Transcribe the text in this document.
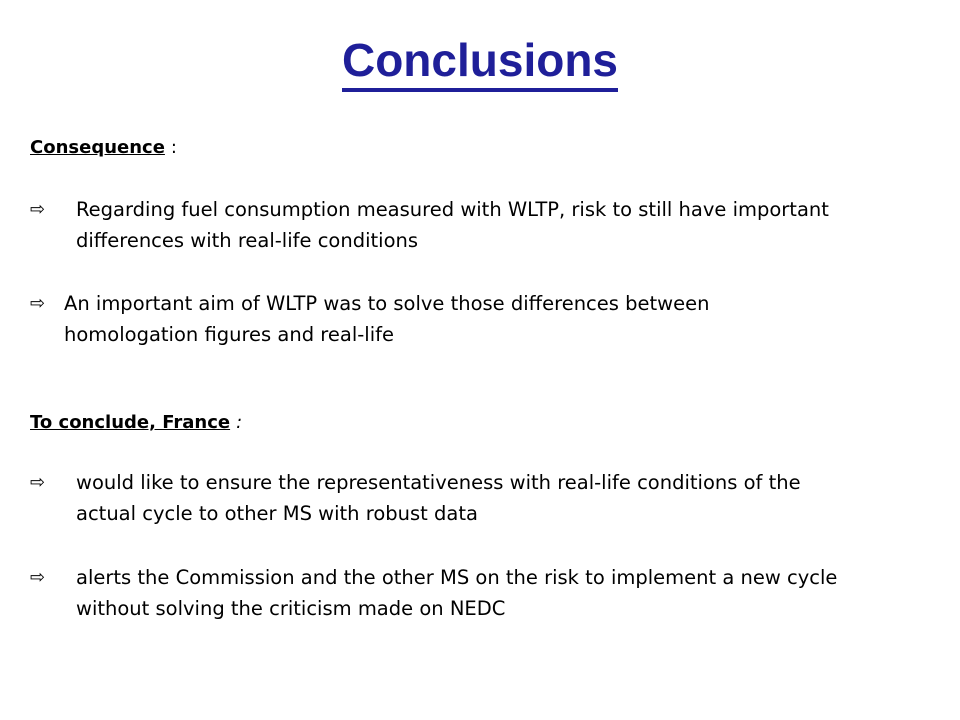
Conclusions
Consequence :
⇨ Regarding fuel consumption measured with WLTP, risk to still have important
differences with real-life conditions
⇨ An important aim of WLTP was to solve those differences between
homologation figures and real-life
To conclude, France :
⇨ would like to ensure the representativeness with real-life conditions of the
actual cycle to other MS with robust data
⇨ alerts the Commission and the other MS on the risk to implement a new cycle
without solving the criticism made on NEDC
